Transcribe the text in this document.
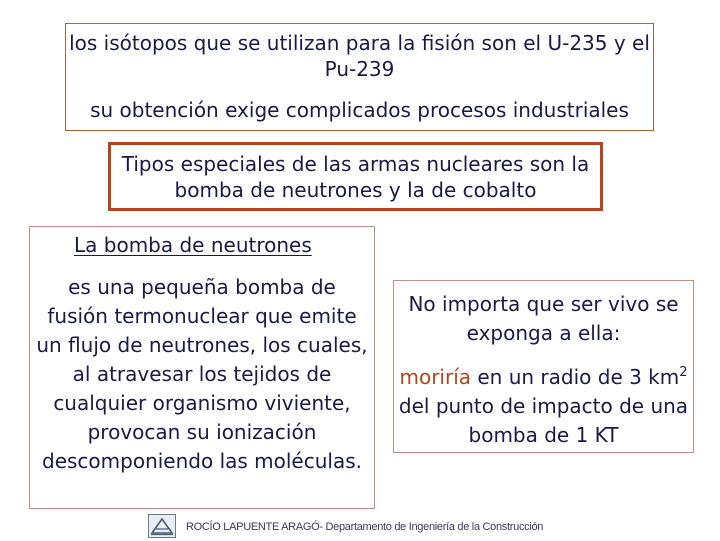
los isótopos que se utilizan para la fisión son el U-235 y el Pu-239
su obtención exige complicados procesos industriales
Tipos especiales de las armas nucleares son la bomba de neutrones y la de cobalto
La bomba de neutrones
es una pequeña bomba de fusión termonuclear que emite un flujo de neutrones, los cuales, al atravesar los tejidos de cualquier organismo viviente, provocan su ionización descomponiendo las moléculas.
No importa que ser vivo se exponga a ella:
moriría en un radio de 3 $km^2$ del punto de impacto de una bomba de 1 KT
ROCÍO LAPUENTE ARAGÓ- Departamento de Ingeniería de la Construcción
